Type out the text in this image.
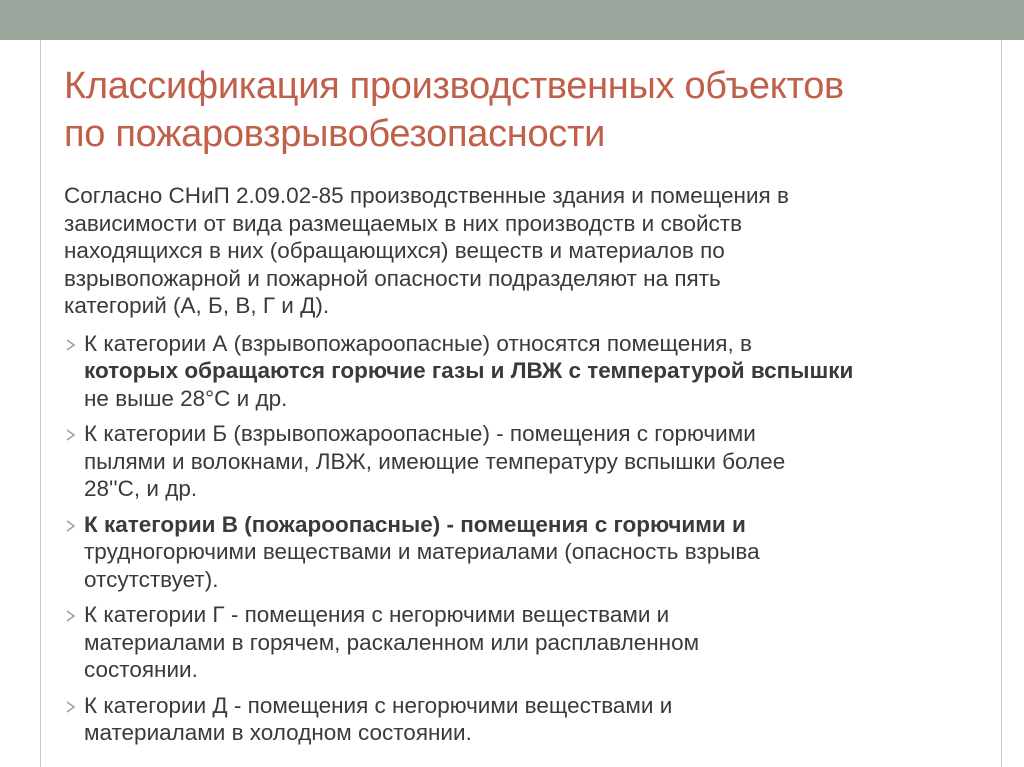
Классификация производственных объектов
по пожаровзрывобезопасности
Согласно СНиП 2.09.02-85 производственные здания и помещения в
зависимости от вида размещаемых в них производств и свойств
находящихся в них (обращающихся) веществ и материалов по
взрывопожарной и пожарной опасности подразделяют на пять
категорий (А, Б, В, Г и Д).
К категории А (взрывопожароопасные) относятся помещения, в
которых обращаются горючие газы и ЛВЖ с температурой вспышки
не выше 28°С и др.
К категории Б (взрывопожароопасные) - помещения с горючими
пылями и волокнами, ЛВЖ, имеющие температуру вспышки более
28''С, и др.
К категории В (пожароопасные) - помещения с горючими и
трудногорючими веществами и материалами (опасность взрыва
отсутствует).
К категории Г - помещения с негорючими веществами и
материалами в горячем, раскаленном или расплавленном
состоянии.
К категории Д - помещения с негорючими веществами и
материалами в холодном состоянии.
